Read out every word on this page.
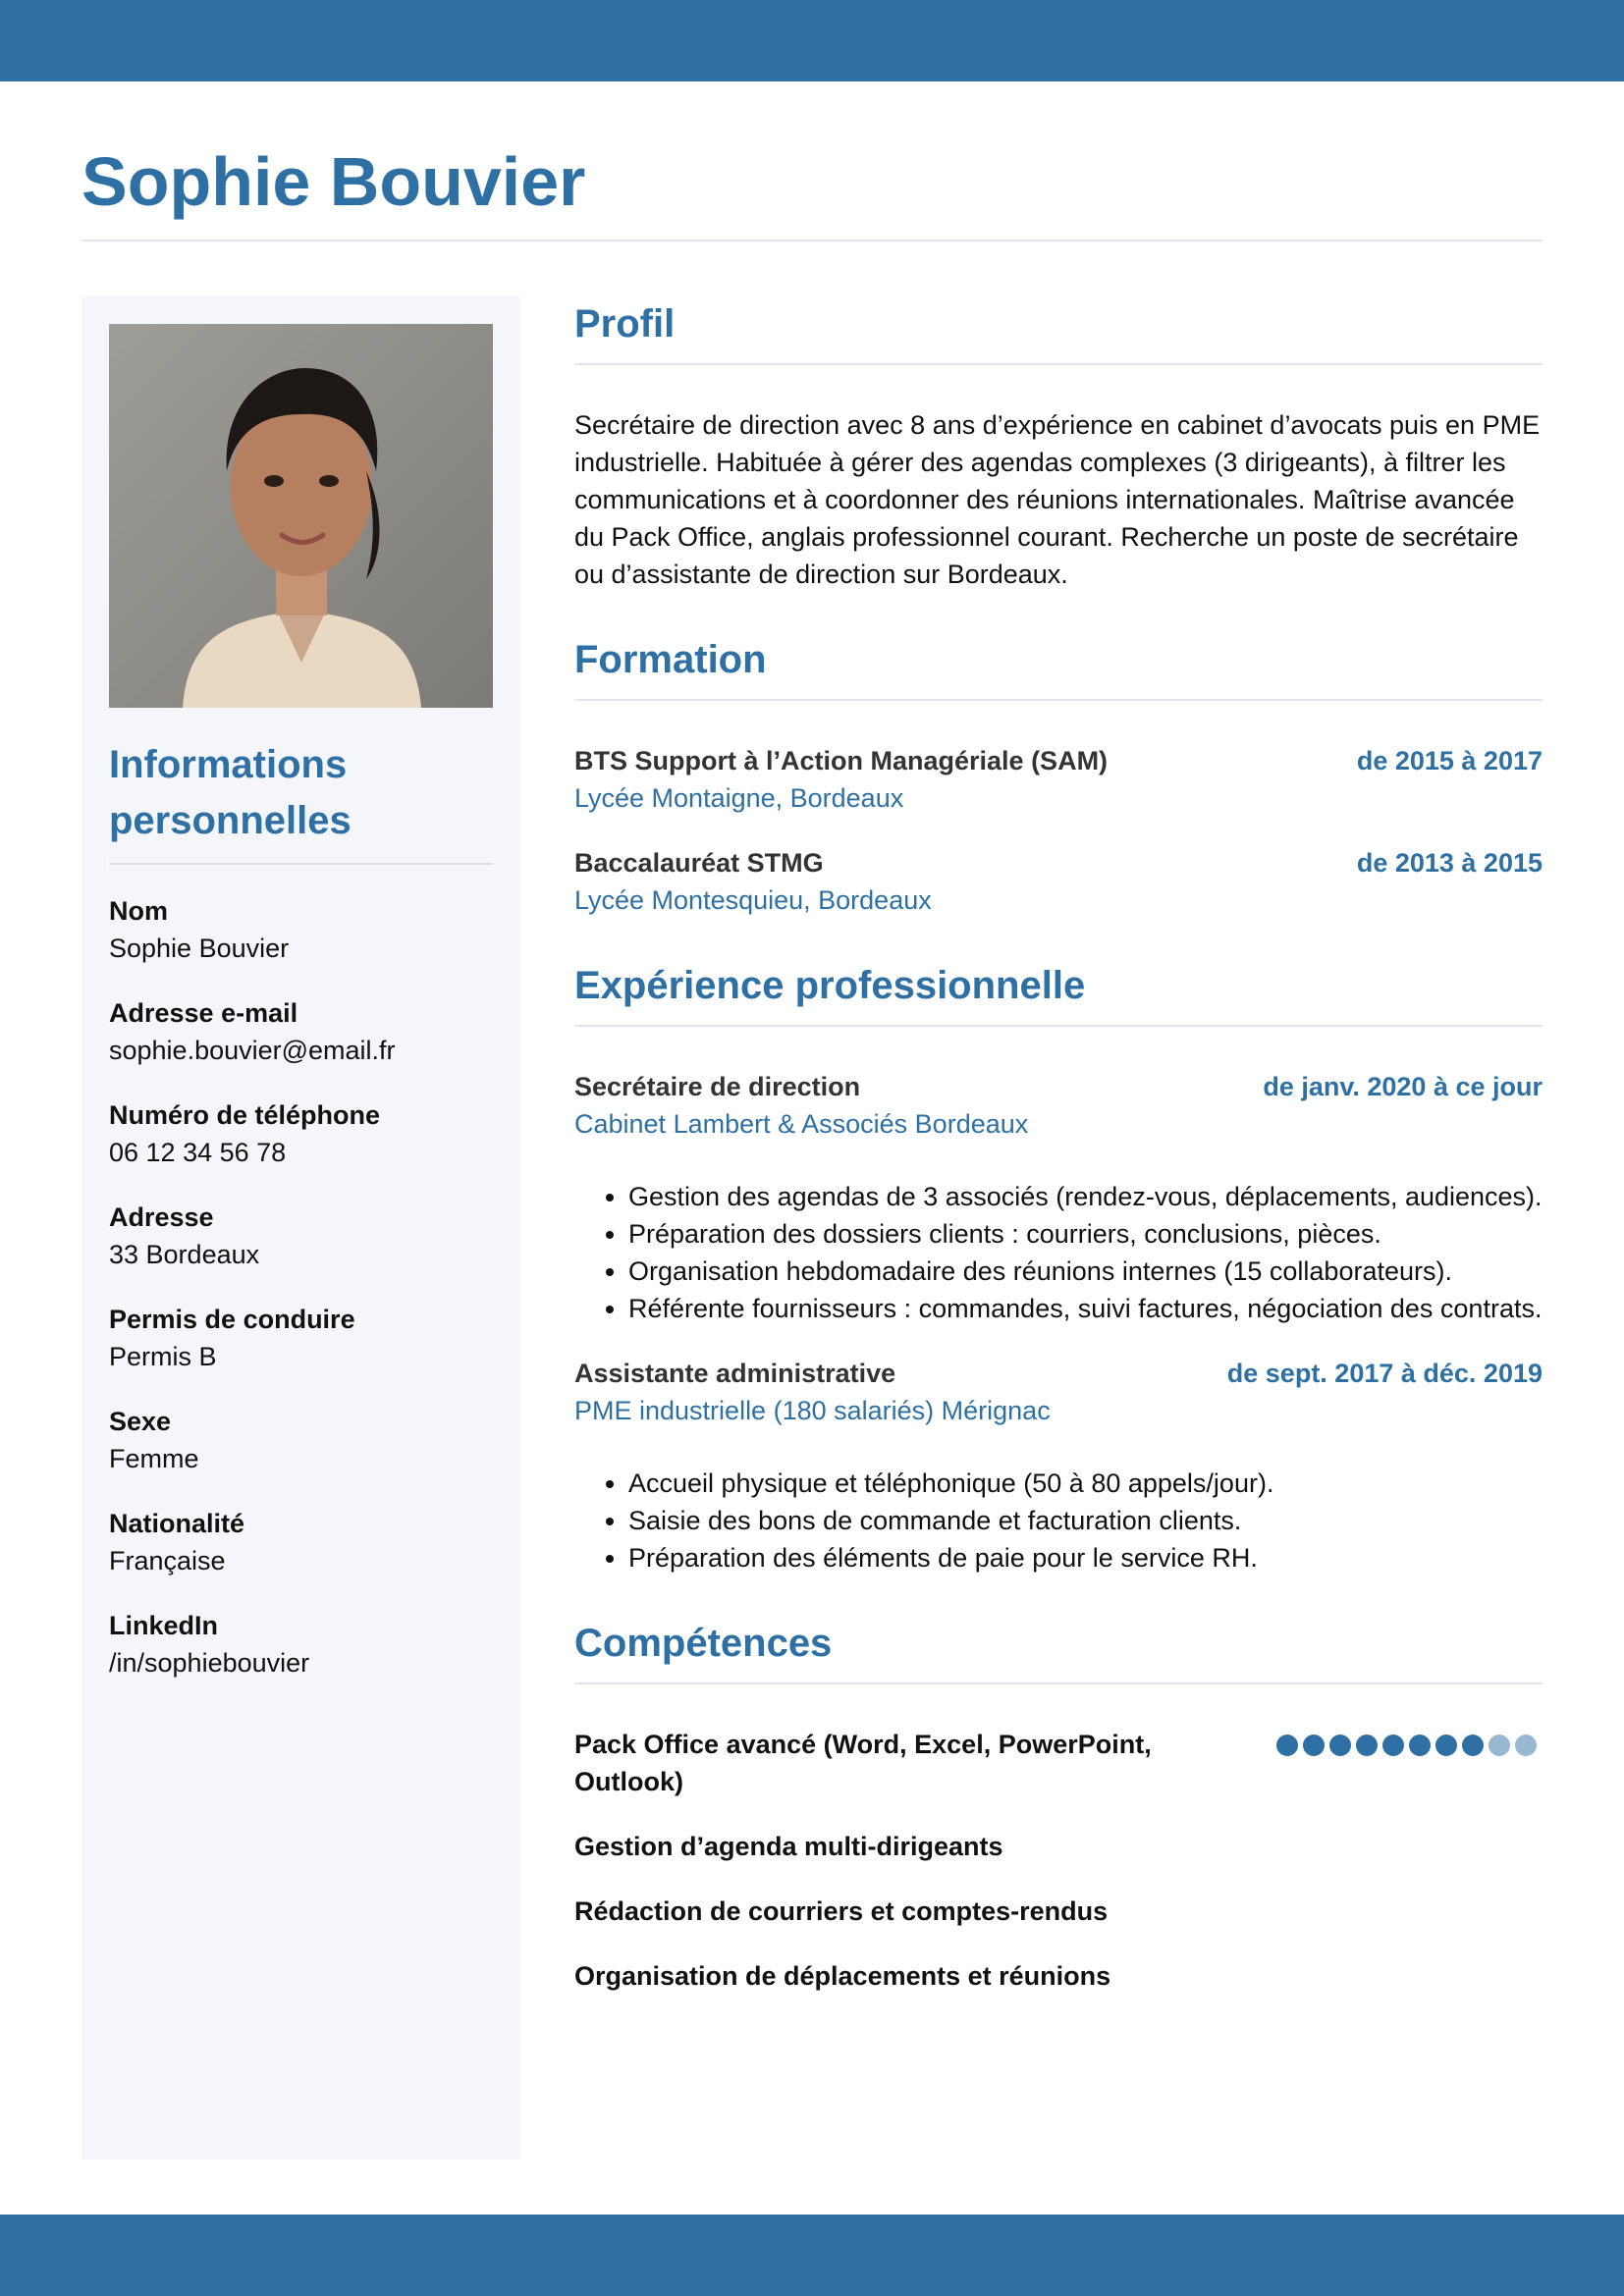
Sophie Bouvier
Informations personnelles
Nom
Sophie Bouvier
Adresse e-mail
sophie.bouvier@email.fr
Numéro de téléphone
06 12 34 56 78
Adresse
33 Bordeaux
Permis de conduire
Permis B
Sexe
Femme
Nationalité
Française
LinkedIn
/in/sophiebouvier
Profil

Secrétaire de direction avec 8 ans d’expérience en cabinet d’avocats puis en PME industrielle. Habituée à gérer des agendas complexes (3 dirigeants), à filtrer les communications et à coordonner des réunions internationales. Maîtrise avancée du Pack Office, anglais professionnel courant. Recherche un poste de secrétaire ou d’assistante de direction sur Bordeaux.

Formation
BTS Support à l’Action Managériale (SAM)	de 2015 à 2017
Lycée Montaigne, Bordeaux
Baccalauréat STMG	de 2013 à 2015
Lycée Montesquieu, Bordeaux
Expérience professionnelle
Secrétaire de direction	de janv. 2020 à ce jour
Cabinet Lambert & Associés Bordeaux
• Gestion des agendas de 3 associés (rendez-vous, déplacements, audiences).
• Préparation des dossiers clients : courriers, conclusions, pièces.
• Organisation hebdomadaire des réunions internes (15 collaborateurs).
• Référente fournisseurs : commandes, suivi factures, négociation des contrats.
Assistante administrative	de sept. 2017 à déc. 2019
PME industrielle (180 salariés) Mérignac
• Accueil physique et téléphonique (50 à 80 appels/jour).
• Saisie des bons de commande et facturation clients.
• Préparation des éléments de paie pour le service RH.
Compétences
Pack Office avancé (Word, Excel, PowerPoint, Outlook)
Gestion d’agenda multi-dirigeants
Rédaction de courriers et comptes-rendus
Organisation de déplacements et réunions
